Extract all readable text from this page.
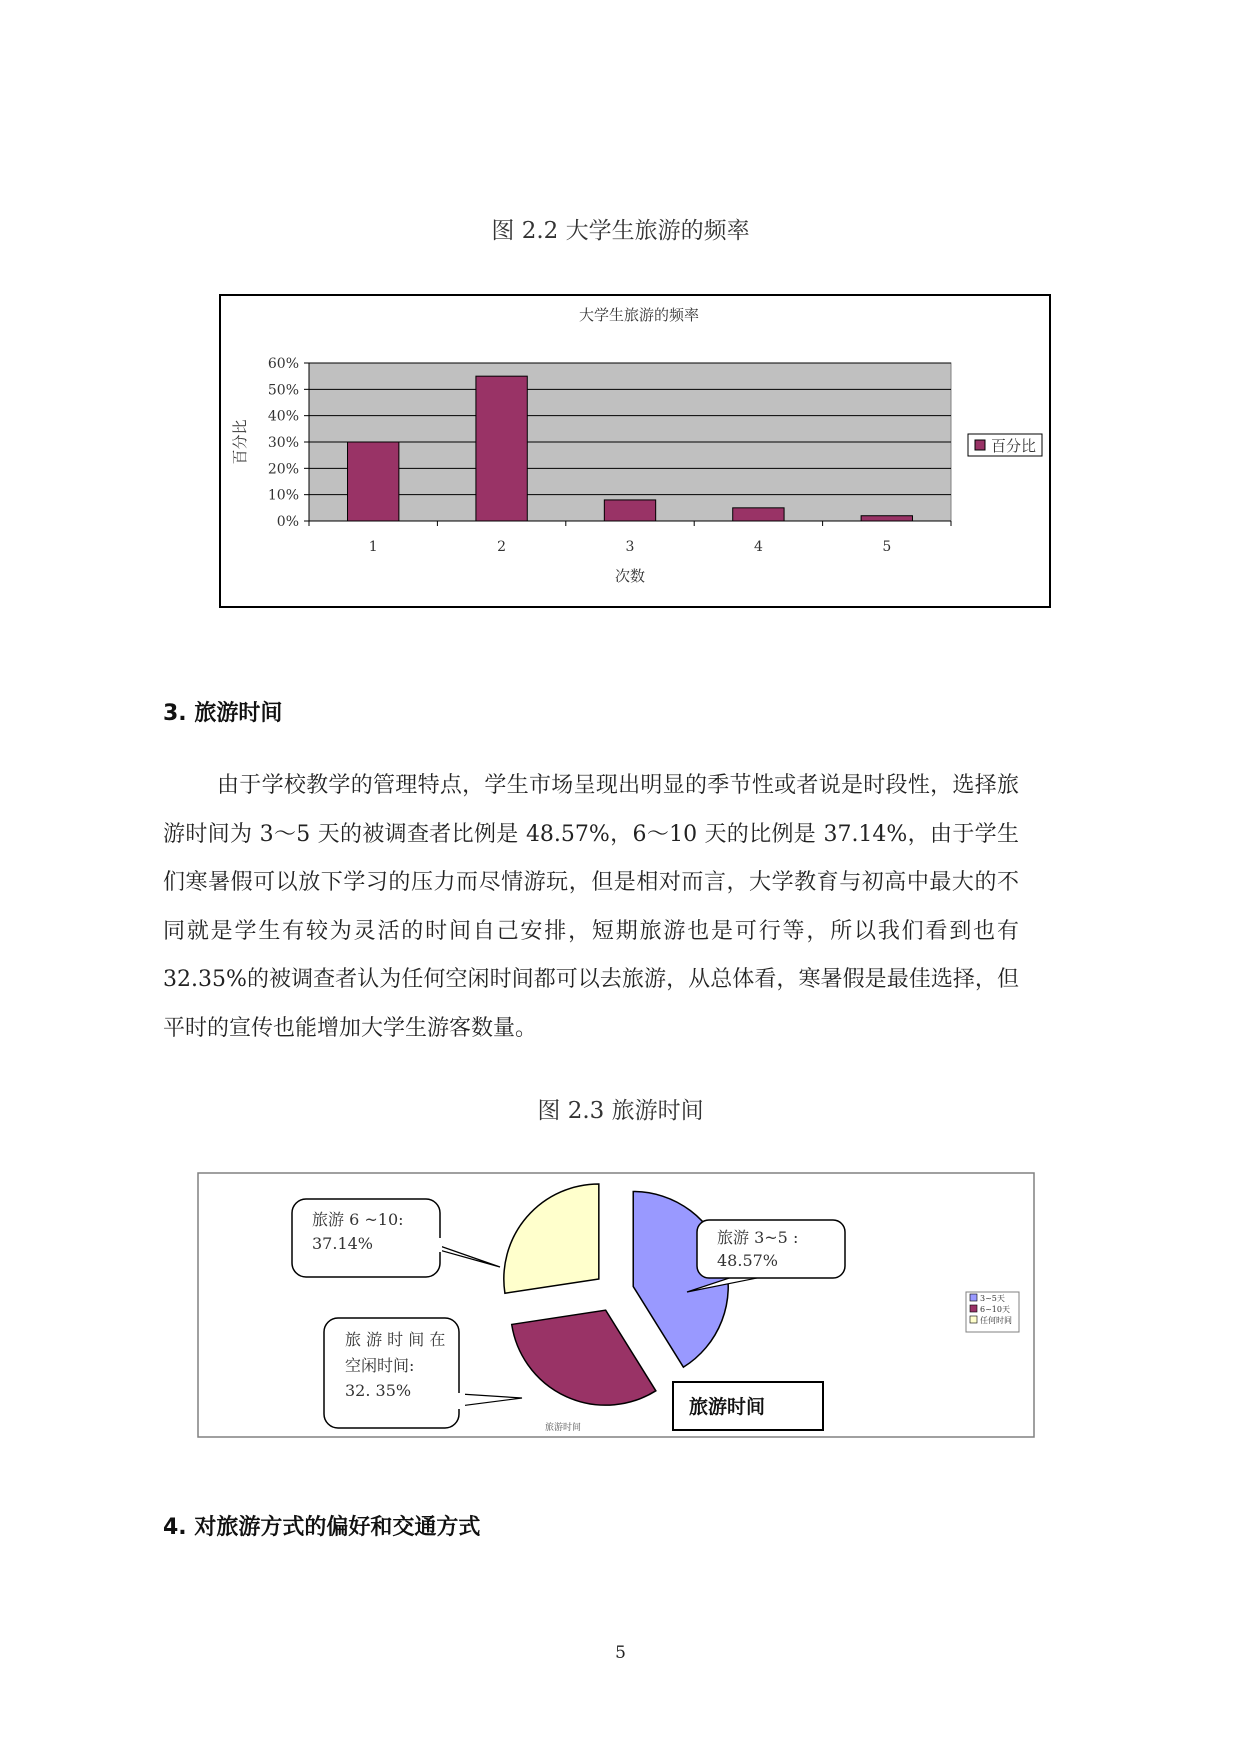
图 2.2 大学生旅游的频率
大学生旅游的频率
0%
10%
20%
30%
40%
50%
60%
1	2	3	4	5
百分比
次数
百分比
3. 旅游时间

由于学校教学的管理特点，学生市场呈现出明显的季节性或者说是时段性，选择旅游时间为 3～5 天的被调查者比例是 48.57%，6～10 天的比例是 37.14%，由于学生们寒暑假可以放下学习的压力而尽情游玩，但是相对而言，大学教育与初高中最大的不同就是学生有较为灵活的时间自己安排，短期旅游也是可行等，所以我们看到也有 32.35%的被调查者认为任何空闲时间都可以去旅游，从总体看，寒暑假是最佳选择，但平时的宣传也能增加大学生游客数量。

图 2.3 旅游时间
旅游 3~5 :
48.57%
旅游 6 ~10:
37.14%
旅 游 时 间 在
空闲时间:
32. 35%
旅游时间
旅游时间
3~5天
6~10天
任何时间
4. 对旅游方式的偏好和交通方式
5
